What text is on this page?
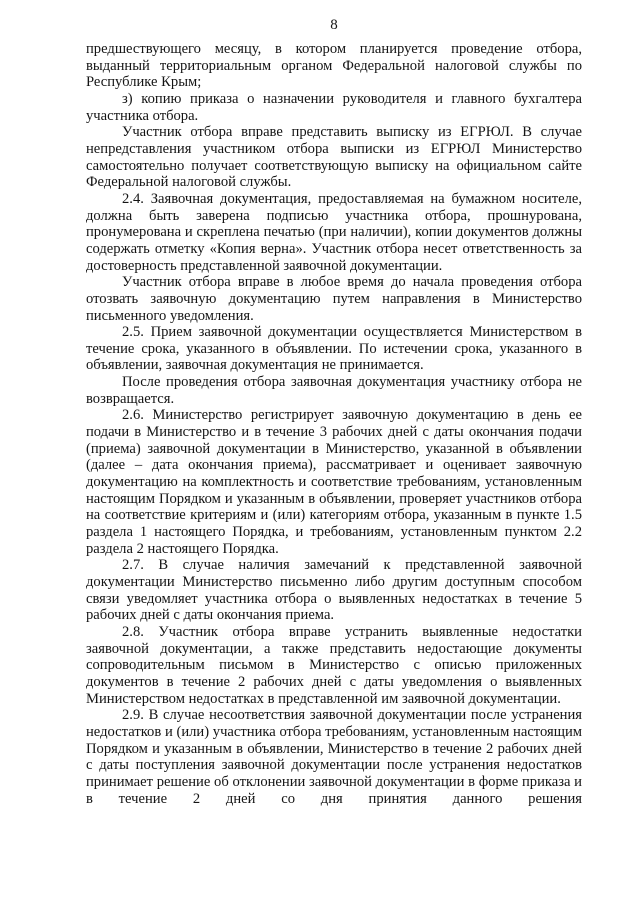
8

предшествующего месяцу, в котором планируется проведение отбора, выданный территориальным органом Федеральной налоговой службы по Республике Крым;

з) копию приказа о назначении руководителя и главного бухгалтера участника отбора.

Участник отбора вправе представить выписку из ЕГРЮЛ. В случае непредставления участником отбора выписки из ЕГРЮЛ Министерство самостоятельно получает соответствующую выписку на официальном сайте Федеральной налоговой службы.

2.4. Заявочная документация, предоставляемая на бумажном носителе, должна быть заверена подписью участника отбора, прошнурована, пронумерована и скреплена печатью (при наличии), копии документов должны содержать отметку «Копия верна». Участник отбора несет ответственность за достоверность представленной заявочной документации.

Участник отбора вправе в любое время до начала проведения отбора отозвать заявочную документацию путем направления в Министерство письменного уведомления.

2.5. Прием заявочной документации осуществляется Министерством в течение срока, указанного в объявлении. По истечении срока, указанного в объявлении, заявочная документация не принимается.

После проведения отбора заявочная документация участнику отбора не возвращается.

2.6. Министерство регистрирует заявочную документацию в день ее подачи в Министерство и в течение 3 рабочих дней с даты окончания подачи (приема) заявочной документации в Министерство, указанной в объявлении (далее – дата окончания приема), рассматривает и оценивает заявочную документацию на комплектность и соответствие требованиям, установленным настоящим Порядком и указанным в объявлении, проверяет участников отбора на соответствие критериям и (или) категориям отбора, указанным в пункте 1.5 раздела 1 настоящего Порядка, и требованиям, установленным пунктом 2.2 раздела 2 настоящего Порядка.

2.7. В случае наличия замечаний к представленной заявочной документации Министерство письменно либо другим доступным способом связи уведомляет участника отбора о выявленных недостатках в течение 5 рабочих дней с даты окончания приема.

2.8. Участник отбора вправе устранить выявленные недостатки заявочной документации, а также представить недостающие документы сопроводительным письмом в Министерство с описью приложенных документов в течение 2 рабочих дней с даты уведомления о выявленных Министерством недостатках в представленной им заявочной документации.

2.9. В случае несоответствия заявочной документации после устранения недостатков и (или) участника отбора требованиям, установленным настоящим Порядком и указанным в объявлении, Министерство в течение 2 рабочих дней с даты поступления заявочной документации после устранения недостатков принимает решение об отклонении заявочной документации в форме приказа и в течение 2 дней со дня принятия данного решения
